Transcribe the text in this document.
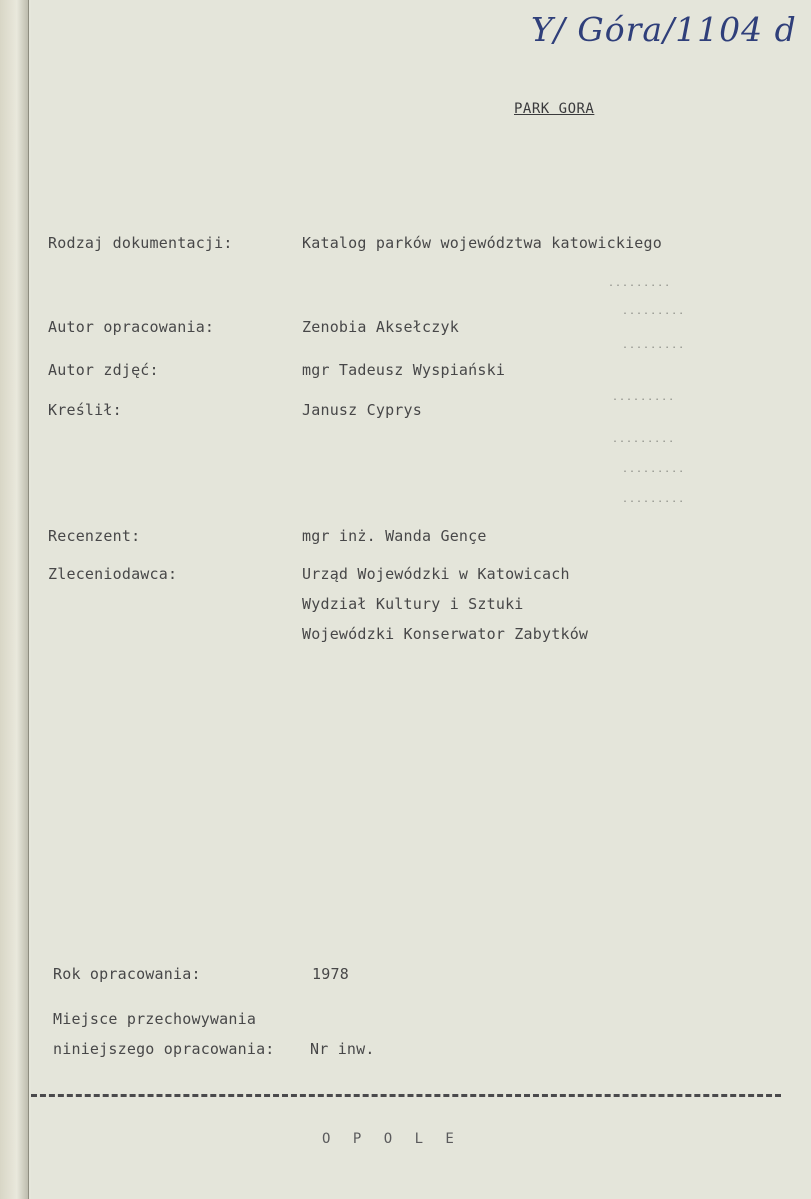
Y/ Góra/1104 d
PARK GORA
Rodzaj dokumentacji:	Katalog parków województwa katowickiego
.........
.........
Autor opracowania:	Zenobia Aksełczyk
.........
Autor zdjęć:	mgr Tadeusz Wyspiański
.........
Kreślił:	Janusz Cyprys
.........
.........
.........
Recenzent:	mgr inż. Wanda Gençe
Zleceniodawca:	Urząd Wojewódzki w Katowicach
Wydział Kultury i Sztuki
Wojewódzki Konserwator Zabytków
Rok opracowania:	1978
Miejsce przechowywania
niniejszego opracowania: Nr inw.
O P O L E
